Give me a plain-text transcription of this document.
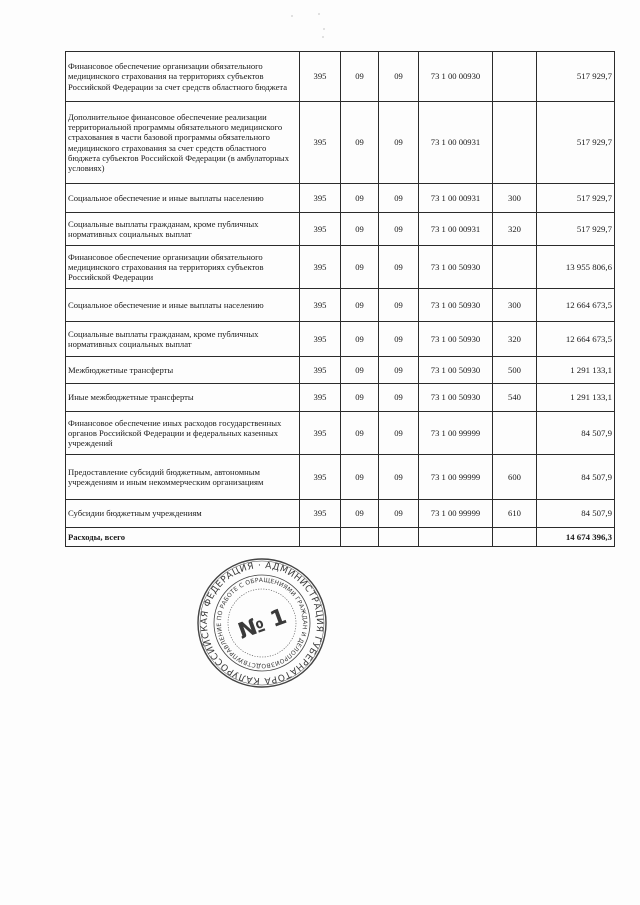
Финансовое обеспечение организации обязательного медицинского страхования на территориях субъектов Российской Федерации за счет средств областного бюджета	395	09	09	73 1 00 00930		517 929,7
Дополнительное финансовое обеспечение реализации территориальной программы обязательного медицинского страхования в части базовой программы обязательного медицинского страхования за счет средств областного бюджета субъектов Российской Федерации (в амбулаторных условиях)	395	09	09	73 1 00 00931		517 929,7
Социальное обеспечение и иные выплаты населению	395	09	09	73 1 00 00931	300	517 929,7
Социальные выплаты гражданам, кроме публичных нормативных социальных выплат	395	09	09	73 1 00 00931	320	517 929,7
Финансовое обеспечение организации обязательного медицинского страхования на территориях субъектов Российской Федерации	395	09	09	73 1 00 50930		13 955 806,6
Социальное обеспечение и иные выплаты населению	395	09	09	73 1 00 50930	300	12 664 673,5
Социальные выплаты гражданам, кроме публичных нормативных социальных выплат	395	09	09	73 1 00 50930	320	12 664 673,5
Межбюджетные трансферты	395	09	09	73 1 00 50930	500	1 291 133,1
Иные межбюджетные трансферты	395	09	09	73 1 00 50930	540	1 291 133,1
Финансовое обеспечение иных расходов государственных органов Российской Федерации и федеральных казенных учреждений	395	09	09	73 1 00 99999		84 507,9
Предоставление субсидий бюджетным, автономным учреждениям и иным некоммерческим организациям	395	09	09	73 1 00 99999	600	84 507,9
Субсидии бюджетным учреждениям	395	09	09	73 1 00 99999	610	84 507,9
Расходы, всего						14 674 396,3
РОССИЙСКАЯ ФЕДЕРАЦИЯ · АДМИНИСТРАЦИЯ ГУБЕРНАТОРА КАЛУЖСКОЙ
УПРАВЛЕНИЕ ПО РАБОТЕ С ОБРАЩЕНИЯМИ ГРАЖДАН И ДЕЛОПРОИЗВОДСТВУ
№ 1
